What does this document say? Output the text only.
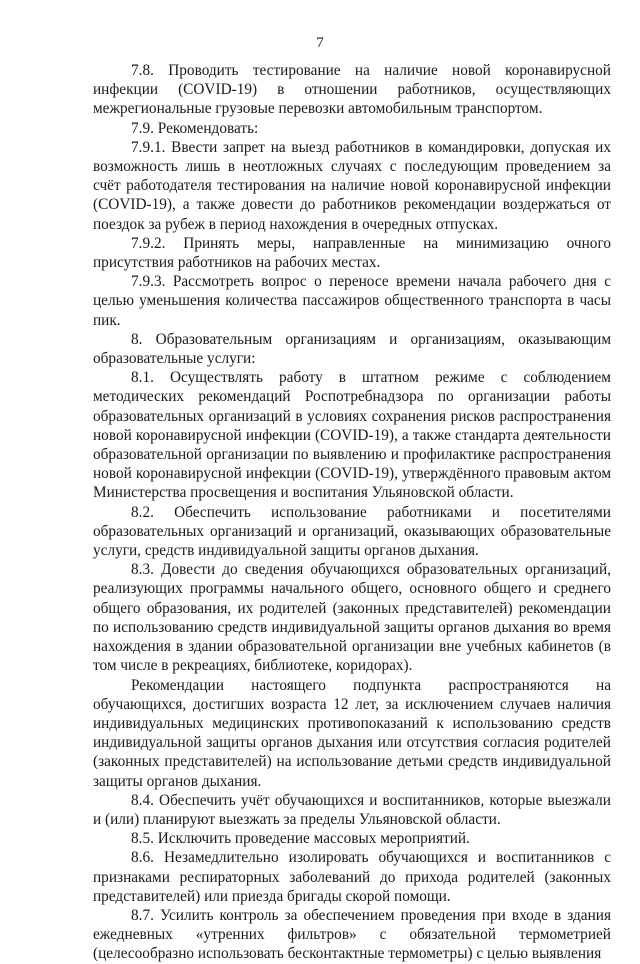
7

7.8. Проводить тестирование на наличие новой коронавирусной инфекции (COVID-19) в отношении работников, осуществляющих межрегиональные грузовые перевозки автомобильным транспортом.

7.9. Рекомендовать:

7.9.1. Ввести запрет на выезд работников в командировки, допуская их возможность лишь в неотложных случаях с последующим проведением за счёт работодателя тестирования на наличие новой коронавирусной инфекции (COVID-19), а также довести до работников рекомендации воздержаться от поездок за рубеж в период нахождения в очередных отпусках.

7.9.2. Принять меры, направленные на минимизацию очного присутствия работников на рабочих местах.

7.9.3. Рассмотреть вопрос о переносе времени начала рабочего дня с целью уменьшения количества пассажиров общественного транспорта в часы пик.

8. Образовательным организациям и организациям, оказывающим образовательные услуги:

8.1. Осуществлять работу в штатном режиме с соблюдением методических рекомендаций Роспотребнадзора по организации работы образовательных организаций в условиях сохранения рисков распространения новой коронавирусной инфекции (COVID-19), а также стандарта деятельности образовательной организации по выявлению и профилактике распространения новой коронавирусной инфекции (COVID-19), утверждённого правовым актом Министерства просвещения и воспитания Ульяновской области.

8.2. Обеспечить использование работниками и посетителями образовательных организаций и организаций, оказывающих образовательные услуги, средств индивидуальной защиты органов дыхания.

8.3. Довести до сведения обучающихся образовательных организаций, реализующих программы начального общего, основного общего и среднего общего образования, их родителей (законных представителей) рекомендации по использованию средств индивидуальной защиты органов дыхания во время нахождения в здании образовательной организации вне учебных кабинетов (в том числе в рекреациях, библиотеке, коридорах).

Рекомендации настоящего подпункта распространяются на обучающихся, достигших возраста 12 лет, за исключением случаев наличия индивидуальных медицинских противопоказаний к использованию средств индивидуальной защиты органов дыхания или отсутствия согласия родителей (законных представителей) на использование детьми средств индивидуальной защиты органов дыхания.

8.4. Обеспечить учёт обучающихся и воспитанников, которые выезжали и (или) планируют выезжать за пределы Ульяновской области.

8.5. Исключить проведение массовых мероприятий.

8.6. Незамедлительно изолировать обучающихся и воспитанников с признаками респираторных заболеваний до прихода родителей (законных представителей) или приезда бригады скорой помощи.

8.7. Усилить контроль за обеспечением проведения при входе в здания ежедневных «утренних фильтров» с обязательной термометрией (целесообразно использовать бесконтактные термометры) с целью выявления
